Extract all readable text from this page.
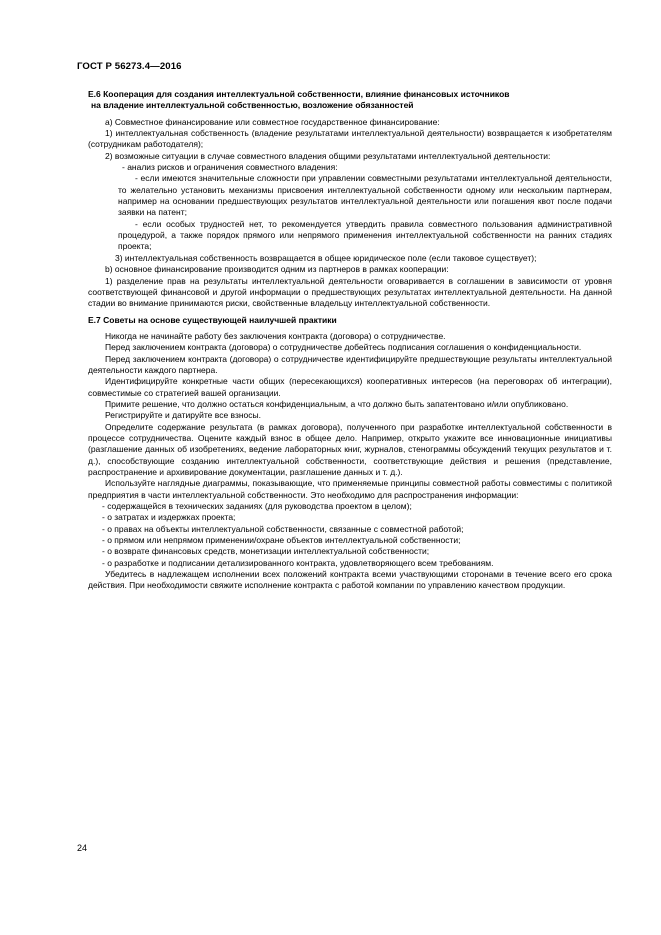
ГОСТ Р 56273.4—2016

Е.6 Кооперация для создания интеллектуальной собственности, влияние финансовых источников

на владение интеллектуальной собственностью, возложение обязанностей

а) Совместное финансирование или совместное государственное финансирование:

1) интеллектуальная собственность (владение результатами интеллектуальной деятельности) возвращается к изобретателям (сотрудникам работодателя);

2) возможные ситуации в случае совместного владения общими результатами интеллектуальной деятельности:

- анализ рисков и ограничения совместного владения:

- если имеются значительные сложности при управлении совместными результатами интеллектуальной деятельности, то желательно установить механизмы присвоения интеллектуальной собственности одному или нескольким партнерам, например на основании предшествующих результатов интеллектуальной деятельности или погашения квот после подачи заявки на патент;

- если особых трудностей нет, то рекомендуется утвердить правила совместного пользования административной процедурой, а также порядок прямого или непрямого применения интеллектуальной собственности на ранних стадиях проекта;

3) интеллектуальная собственность возвращается в общее юридическое поле (если таковое существует);

b) основное финансирование производится одним из партнеров в рамках кооперации:

1) разделение прав на результаты интеллектуальной деятельности оговаривается в соглашении в зависимости от уровня соответствующей финансовой и другой информации о предшествующих результатах интеллектуальной деятельности. На данной стадии во внимание принимаются риски, свойственные владельцу интеллектуальной собственности.

Е.7 Советы на основе существующей наилучшей практики

Никогда не начинайте работу без заключения контракта (договора) о сотрудничестве.

Перед заключением контракта (договора) о сотрудничестве добейтесь подписания соглашения о конфиденциальности.

Перед заключением контракта (договора) о сотрудничестве идентифицируйте предшествующие результаты интеллектуальной деятельности каждого партнера.

Идентифицируйте конкретные части общих (пересекающихся) кооперативных интересов (на переговорах об интеграции), совместимые со стратегией вашей организации.

Примите решение, что должно остаться конфиденциальным, а что должно быть запатентовано и/или опубликовано.

Регистрируйте и датируйте все взносы.

Определите содержание результата (в рамках договора), полученного при разработке интеллектуальной собственности в процессе сотрудничества. Оцените каждый взнос в общее дело. Например, открыто укажите все инновационные инициативы (разглашение данных об изобретениях, ведение лабораторных книг, журналов, стенограммы обсуждений текущих результатов и т. д.), способствующие созданию интеллектуальной собственности, соответствующие действия и решения (представление, распространение и архивирование документации, разглашение данных и т. д.).

Используйте наглядные диаграммы, показывающие, что применяемые принципы совместной работы совместимы с политикой предприятия в части интеллектуальной собственности. Это необходимо для распространения информации:

- содержащейся в технических заданиях (для руководства проектом в целом);

- о затратах и издержках проекта;

- о правах на объекты интеллектуальной собственности, связанные с совместной работой;

- о прямом или непрямом применении/охране объектов интеллектуальной собственности;

- о возврате финансовых средств, монетизации интеллектуальной собственности;

- о разработке и подписании детализированного контракта, удовлетворяющего всем требованиям.

Убедитесь в надлежащем исполнении всех положений контракта всеми участвующими сторонами в течение всего его срока действия. При необходимости свяжите исполнение контракта с работой компании по управлению качеством продукции.

24
